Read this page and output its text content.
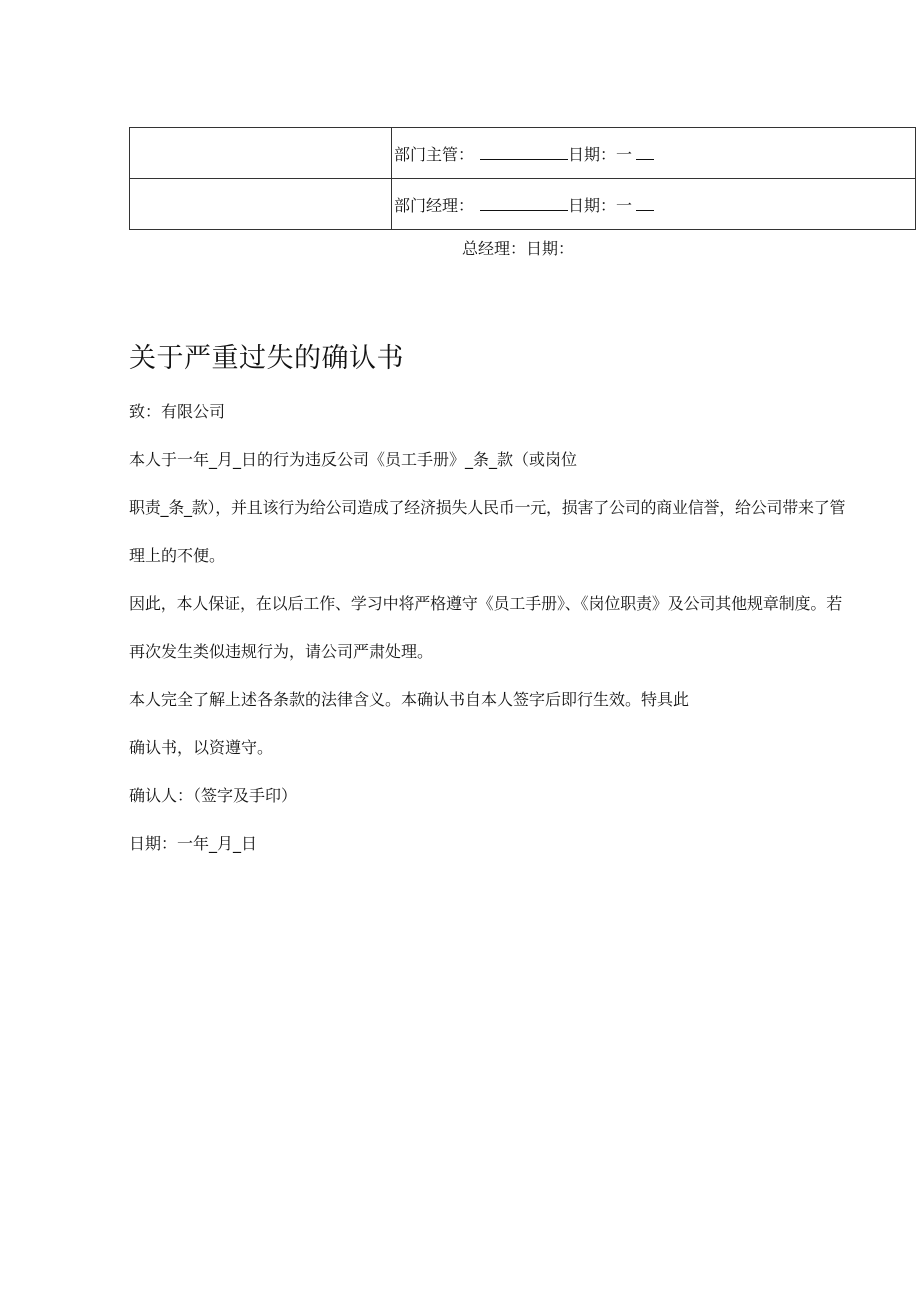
	部门主管： 日期：一
	部门经理： 日期：一
总经理：日期：
关于严重过失的确认书

致：有限公司

本人于一年_月_日的行为违反公司《员工手册》_条_款（或岗位

职责_条_款），并且该行为给公司造成了经济损失人民币一元，损害了公司的商业信誉，给公司带来了管

理上的不便。

因此，本人保证，在以后工作、学习中将严格遵守《员工手册》、《岗位职责》及公司其他规章制度。若

再次发生类似违规行为，请公司严肃处理。

本人完全了解上述各条款的法律含义。本确认书自本人签字后即行生效。特具此

确认书，以资遵守。

确认人：（签字及手印）

日期：一年_月_日
